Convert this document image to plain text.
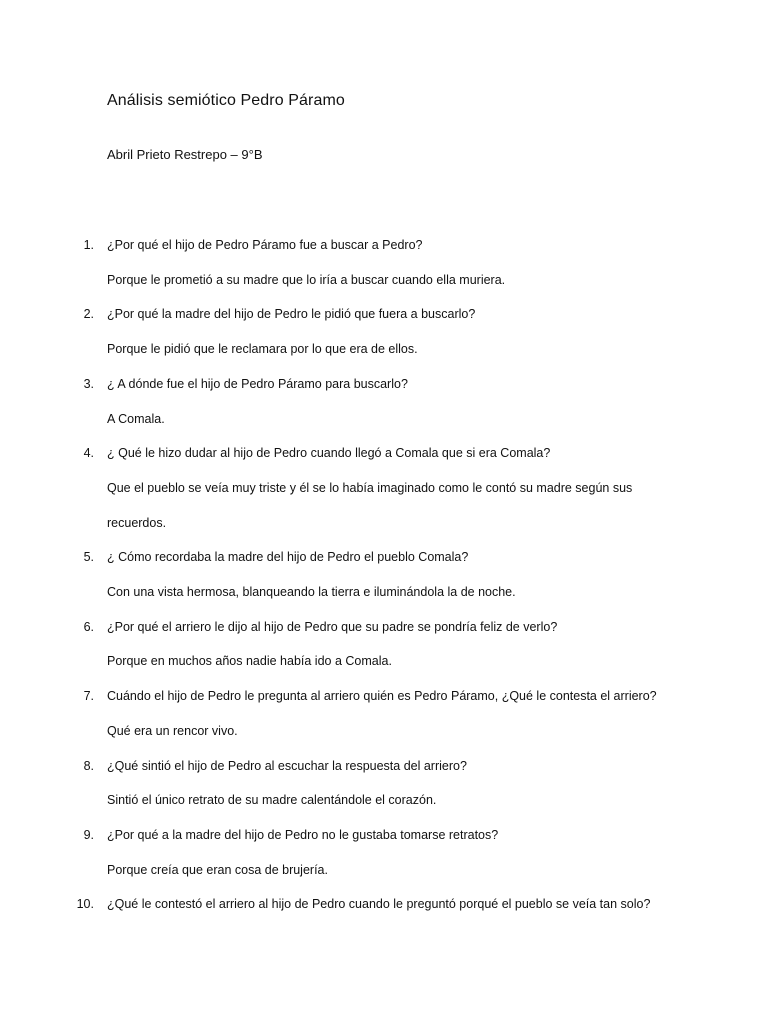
Análisis semiótico Pedro Páramo
Abril Prieto Restrepo – 9°B
1. ¿Por qué el hijo de Pedro Páramo fue a buscar a Pedro?
Porque le prometió a su madre que lo iría a buscar cuando ella muriera.
2. ¿Por qué la madre del hijo de Pedro le pidió que fuera a buscarlo?
Porque le pidió que le reclamara por lo que era de ellos.
3. ¿ A dónde fue el hijo de Pedro Páramo para buscarlo?
A Comala.
4. ¿ Qué le hizo dudar al hijo de Pedro cuando llegó a Comala que si era Comala?
Que el pueblo se veía muy triste y él se lo había imaginado como le contó su madre según sus
recuerdos.
5. ¿ Cómo recordaba la madre del hijo de Pedro el pueblo Comala?
Con una vista hermosa, blanqueando la tierra e iluminándola la de noche.
6. ¿Por qué el arriero le dijo al hijo de Pedro que su padre se pondría feliz de verlo?
Porque en muchos años nadie había ido a Comala.
7. Cuándo el hijo de Pedro le pregunta al arriero quién es Pedro Páramo, ¿Qué le contesta el arriero?
Qué era un rencor vivo.
8. ¿Qué sintió el hijo de Pedro al escuchar la respuesta del arriero?
Sintió el único retrato de su madre calentándole el corazón.
9. ¿Por qué a la madre del hijo de Pedro no le gustaba tomarse retratos?
Porque creía que eran cosa de brujería.
10. ¿Qué le contestó el arriero al hijo de Pedro cuando le preguntó porqué el pueblo se veía tan solo?
